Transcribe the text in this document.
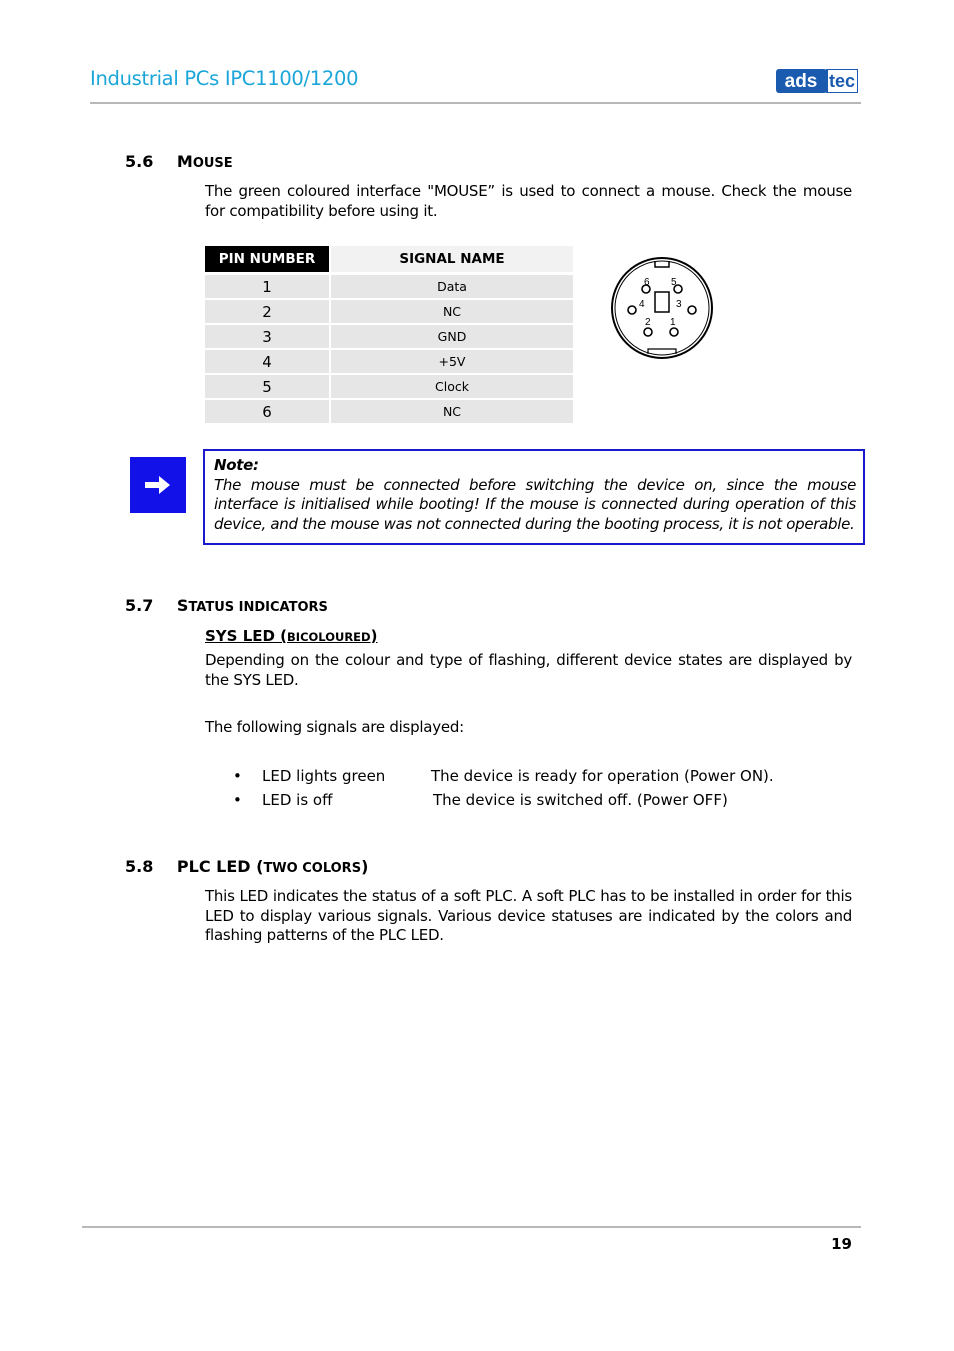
Industrial PCs IPC1100/1200	ads tec
5.6 MOUSE
The green coloured interface "MOUSE” is used to connect a mouse. Check the mouse for compatibility before using it.
PIN NUMBER	SIGNAL NAME
1	Data
2	NC
3	GND
4	+5V
5	Clock
6	NC
6 5
4	3
2 1
Note:
The mouse must be connected before switching the device on, since the mouse interface is initialised while booting! If the mouse is connected during operation of this device, and the mouse was not connected during the booting process, it is not operable.
5.7 STATUS INDICATORS
SYS LED (BICOLOURED)
Depending on the colour and type of flashing, different device states are displayed by the SYS LED.
The following signals are displayed:
• LED lights green	The device is ready for operation (Power ON).
• LED is off	The device is switched off. (Power OFF)
5.8 PLC LED (TWO COLORS)
This LED indicates the status of a soft PLC. A soft PLC has to be installed in order for this LED to display various signals. Various device statuses are indicated by the colors and flashing patterns of the PLC LED.
19
